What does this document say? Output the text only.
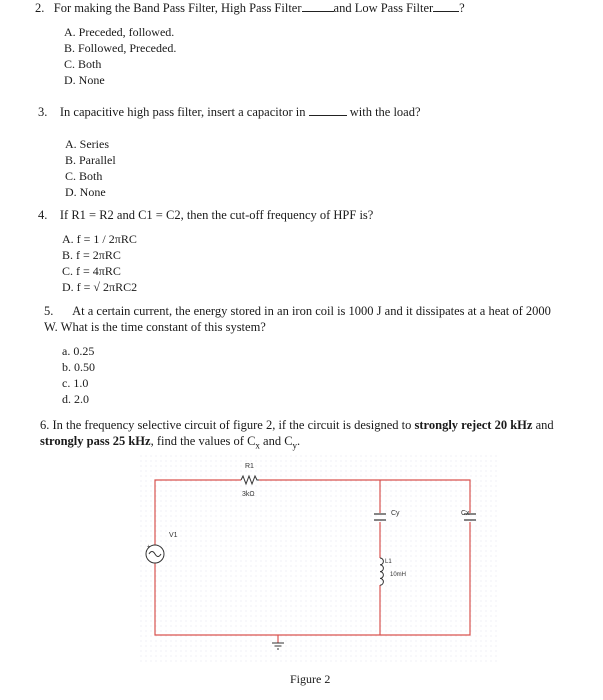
2. For making the Band Pass Filter, High Pass Filter	and Low Pass Filter ?
A. Preceded, followed.
B. Followed, Preceded.
C. Both
D. None
3. In capacitive high pass filter, insert a capacitor in	with the load?
A. Series
B. Parallel
C. Both
D. None
4. If R1 = R2 and C1 = C2, then the cut-off frequency of HPF is?
A. f = 1 / 2πRC
B. f = 2πRC
C. f = 4πRC
D. f = √ 2πRC2
5. At a certain current, the energy stored in an iron coil is 1000 J and it dissipates at a heat of 2000
W. What is the time constant of this system?
a. 0.25
b. 0.50
c. 1.0
d. 2.0
6. In the frequency selective circuit of figure 2, if the circuit is designed to strongly reject 20 kHz and
strongly pass 25 kHz, find the values of $C_x$ and $C_y$.
R1
3kΩ
+
V1
Cy	Cx
L1
10mH
Figure 2
